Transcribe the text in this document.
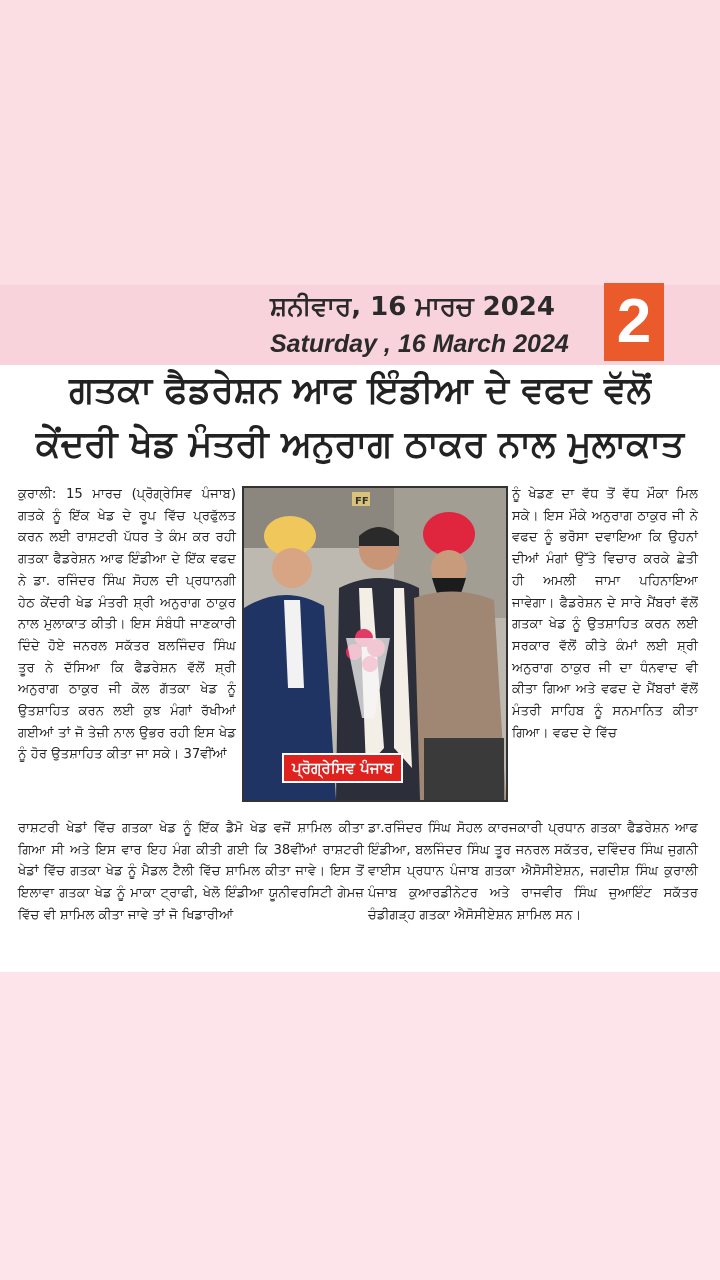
ਸ਼ਨੀਵਾਰ, 16 ਮਾਰਚ 2024
Saturday , 16 March 2024 2
ਗਤਕਾ ਫੈਡਰੇਸ਼ਨ ਆਫ ਇੰਡੀਆ ਦੇ ਵਫਦ ਵੱਲੋਂ
ਕੇਂਦਰੀ ਖੇਡ ਮੰਤਰੀ ਅਨੁਰਾਗ ਠਾਕਰ ਨਾਲ ਮੁਲਾਕਾਤ
ਕੁਰਾਲੀ: 15 ਮਾਰਚ (ਪ੍ਰੋਗ੍ਰੇਸਿਵ ਪੰਜਾਬ) ਗਤਕੇ ਨੂੰ ਇੱਕ ਖੇਡ ਦੇ ਰੂਪ ਵਿੱਚ ਪ੍ਰਫੁੱਲਤ ਕਰਨ ਲਈ ਰਾਸ਼ਟਰੀ ਪੱਧਰ ਤੇ ਕੰਮ ਕਰ ਰਹੀ ਗਤਕਾ ਫੈਡਰੇਸ਼ਨ ਆਫ ਇੰਡੀਆ ਦੇ ਇੱਕ ਵਫਦ ਨੇ ਡਾ. ਰਜਿੰਦਰ ਸਿੰਘ ਸੋਹਲ ਦੀ ਪ੍ਰਧਾਨਗੀ ਹੇਠ ਕੇਂਦਰੀ ਖੇਡ ਮੰਤਰੀ ਸ਼੍ਰੀ ਅਨੁਰਾਗ ਠਾਕੁਰ ਨਾਲ ਮੁਲਾਕਾਤ ਕੀਤੀ। ਇਸ ਸੰਬੰਧੀ ਜਾਣਕਾਰੀ ਦਿੰਦੇ ਹੋਏ ਜਨਰਲ ਸਕੱਤਰ ਬਲਜਿੰਦਰ ਸਿੰਘ ਤੂਰ ਨੇ ਦੱਸਿਆ ਕਿ ਫੈਡਰੇਸ਼ਨ ਵੱਲੋਂ ਸ਼੍ਰੀ ਅਨੁਰਾਗ ਠਾਕੁਰ ਜੀ ਕੋਲ ਗੱਤਕਾ ਖੇਡ ਨੂੰ ਉਤਸ਼ਾਹਿਤ ਕਰਨ ਲਈ ਕੁਝ ਮੰਗਾਂ ਰੱਖੀਆਂ ਗਈਆਂ ਤਾਂ ਜੋ ਤੇਜ਼ੀ ਨਾਲ ਉਭਰ ਰਹੀ ਇਸ ਖੇਡ ਨੂੰ ਹੋਰ ਉਤਸ਼ਾਹਿਤ ਕੀਤਾ ਜਾ ਸਕੇ। 37ਵੀਂਆਂ
FF
ਪ੍ਰੋਗ੍ਰੇਸਿਵ ਪੰਜਾਬ
ਨੂੰ ਖੇਡਣ ਦਾ ਵੱਧ ਤੋਂ ਵੱਧ ਮੌਕਾ ਮਿਲ ਸਕੇ। ਇਸ ਮੌਕੇ ਅਨੁਰਾਗ ਠਾਕੁਰ ਜੀ ਨੇ ਵਫਦ ਨੂੰ ਭਰੋਸਾ ਦਵਾਇਆ ਕਿ ਉਹਨਾਂ ਦੀਆਂ ਮੰਗਾਂ ਉੱਤੇ ਵਿਚਾਰ ਕਰਕੇ ਛੇਤੀ ਹੀ ਅਮਲੀ ਜਾਮਾ ਪਹਿਨਾਇਆ ਜਾਵੇਗਾ। ਫੈਡਰੇਸ਼ਨ ਦੇ ਸਾਰੇ ਮੈਂਬਰਾਂ ਵੱਲੋਂ ਗਤਕਾ ਖੇਡ ਨੂੰ ਉਤਸ਼ਾਹਿਤ ਕਰਨ ਲਈ ਸਰਕਾਰ ਵੱਲੋਂ ਕੀਤੇ ਕੰਮਾਂ ਲਈ ਸ਼੍ਰੀ ਅਨੁਰਾਗ ਠਾਕੁਰ ਜੀ ਦਾ ਧੰਨਵਾਦ ਵੀ ਕੀਤਾ ਗਿਆ ਅਤੇ ਵਫਦ ਦੇ ਮੈਂਬਰਾਂ ਵੱਲੋਂ ਮੰਤਰੀ ਸਾਹਿਬ ਨੂੰ ਸਨਮਾਨਿਤ ਕੀਤਾ ਗਿਆ। ਵਫਦ ਦੇ ਵਿੱਚ
ਰਾਸ਼ਟਰੀ ਖੇਡਾਂ ਵਿੱਚ ਗਤਕਾ ਖੇਡ ਨੂੰ ਇੱਕ ਡੈਮੋ ਖੇਡ ਵਜੋਂ ਸ਼ਾਮਿਲ ਕੀਤਾ ਗਿਆ ਸੀ ਅਤੇ ਇਸ ਵਾਰ ਇਹ ਮੰਗ ਕੀਤੀ ਗਈ ਕਿ 38ਵੀਂਆਂ ਰਾਸ਼ਟਰੀ ਖੇਡਾਂ ਵਿੱਚ ਗਤਕਾ ਖੇਡ ਨੂੰ ਮੈਡਲ ਟੈਲੀ ਵਿੱਚ ਸ਼ਾਮਿਲ ਕੀਤਾ ਜਾਵੇ। ਇਸ ਤੋਂ ਇਲਾਵਾ ਗਤਕਾ ਖੇਡ ਨੂੰ ਮਾਕਾ ਟ੍ਰਾਫੀ, ਖੇਲੋ ਇੰਡੀਆ ਯੂਨੀਵਰਸਿਟੀ ਗੇਮਜ਼ ਵਿੱਚ ਵੀ ਸ਼ਾਮਿਲ ਕੀਤਾ ਜਾਵੇ ਤਾਂ ਜੋ ਖਿਡਾਰੀਆਂ
ਡਾ.ਰਜਿੰਦਰ ਸਿੰਘ ਸੋਹਲ ਕਾਰਜਕਾਰੀ ਪ੍ਰਧਾਨ ਗਤਕਾ ਫੈਡਰੇਸ਼ਨ ਆਫ ਇੰਡੀਆ, ਬਲਜਿੰਦਰ ਸਿੰਘ ਤੂਰ ਜਨਰਲ ਸਕੱਤਰ, ਦਵਿੰਦਰ ਸਿੰਘ ਜੁਗਨੀ ਵਾਈਸ ਪ੍ਰਧਾਨ ਪੰਜਾਬ ਗਤਕਾ ਐਸੋਸੀਏਸ਼ਨ, ਜਗਦੀਸ਼ ਸਿੰਘ ਕੁਰਾਲੀ ਪੰਜਾਬ ਕੁਆਰਡੀਨੇਟਰ ਅਤੇ ਰਾਜਵੀਰ ਸਿੰਘ ਜੁਆਇੰਟ ਸਕੱਤਰ ਚੰਡੀਗੜ੍ਹ ਗਤਕਾ ਐਸੋਸੀਏਸ਼ਨ ਸ਼ਾਮਿਲ ਸਨ।
